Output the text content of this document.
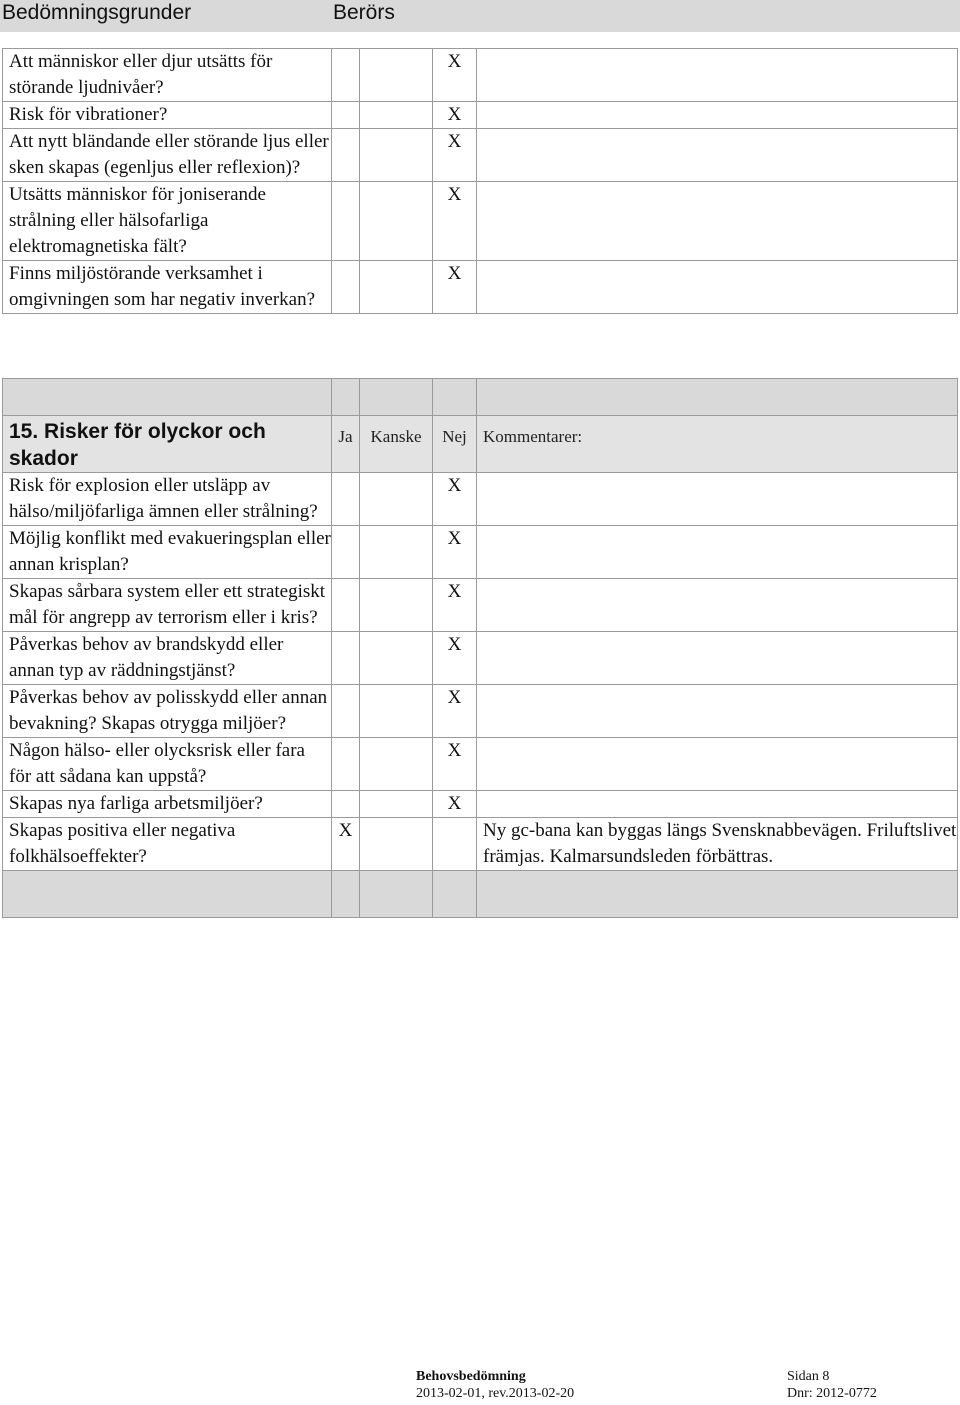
Bedömningsgrunder	Berörs
Att människor eller djur utsätts för störande ljudnivåer?			X	
Risk för vibrationer?			X	
Att nytt bländande eller störande ljus eller sken skapas (egenljus eller reflexion)?			X	
Utsätts människor för joniserande strålning eller hälsofarliga elektromagnetiska fält?			X	
Finns miljöstörande verksamhet i omgivningen som har negativ inverkan?			X	

15. Risker för olyckor och skador	Ja	Kanske	Nej	Kommentarer:

Risk för explosion eller utsläpp av hälso/miljöfarliga ämnen eller strålning?			X	
Möjlig konflikt med evakueringsplan eller annan krisplan?			X	
Skapas sårbara system eller ett strategiskt mål för angrepp av terrorism eller i kris?			X	
Påverkas behov av brandskydd eller annan typ av räddningstjänst?			X	
Påverkas behov av polisskydd eller annan bevakning? Skapas otrygga miljöer?			X	
Någon hälso- eller olycksrisk eller fara för att sådana kan uppstå?			X	
Skapas nya farliga arbetsmiljöer?			X	
Skapas positiva eller negativa folkhälsoeffekter?	X			Ny gc-bana kan byggas längs Svensknabbevägen. Friluftslivet främjas. Kalmarsundsleden förbättras.

Behovsbedömning
2013-02-01, rev.2013-02-20
Sidan 8
Dnr: 2012-0772
